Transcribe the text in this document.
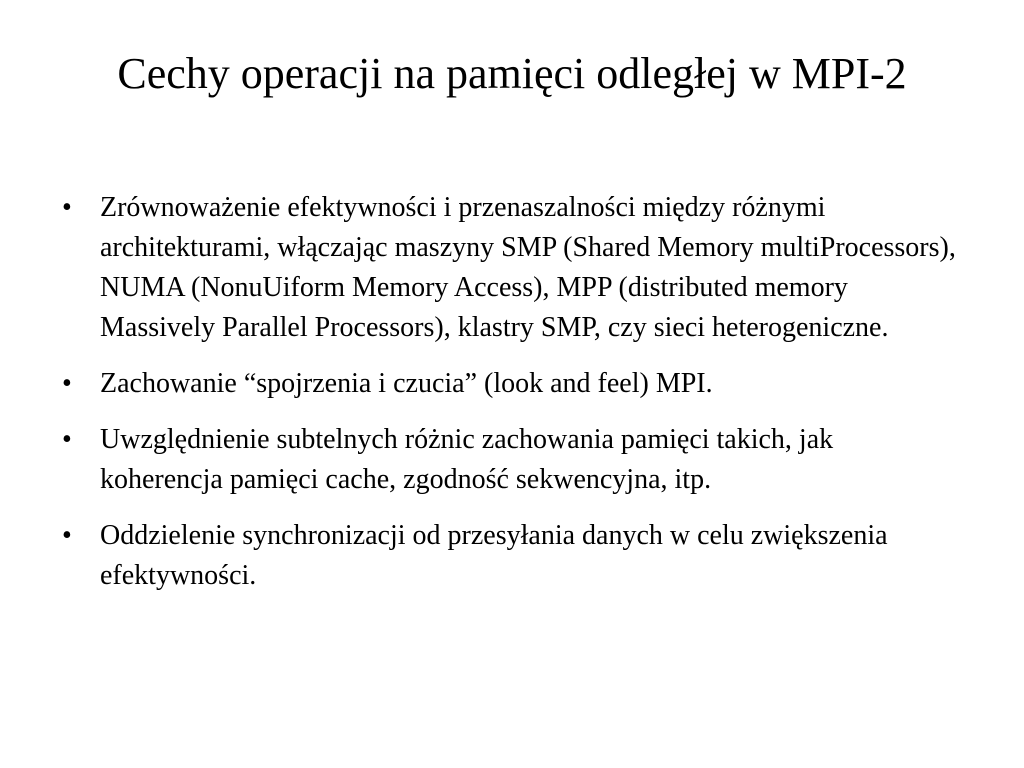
Cechy operacji na pamięci odległej w MPI-2
•	Zrównoważenie efektywności i przenaszalności między różnymi architekturami, włączając maszyny SMP (Shared Memory multiProcessors), NUMA (NonuUiform Memory Access), MPP (distributed memory Massively Parallel Processors), klastry SMP, czy sieci heterogeniczne.
•	Zachowanie “spojrzenia i czucia” (look and feel) MPI.
•	Uwzględnienie subtelnych różnic zachowania pamięci takich, jak koherencja pamięci cache, zgodność sekwencyjna, itp.
•	Oddzielenie synchronizacji od przesyłania danych w celu zwiększenia efektywności.
